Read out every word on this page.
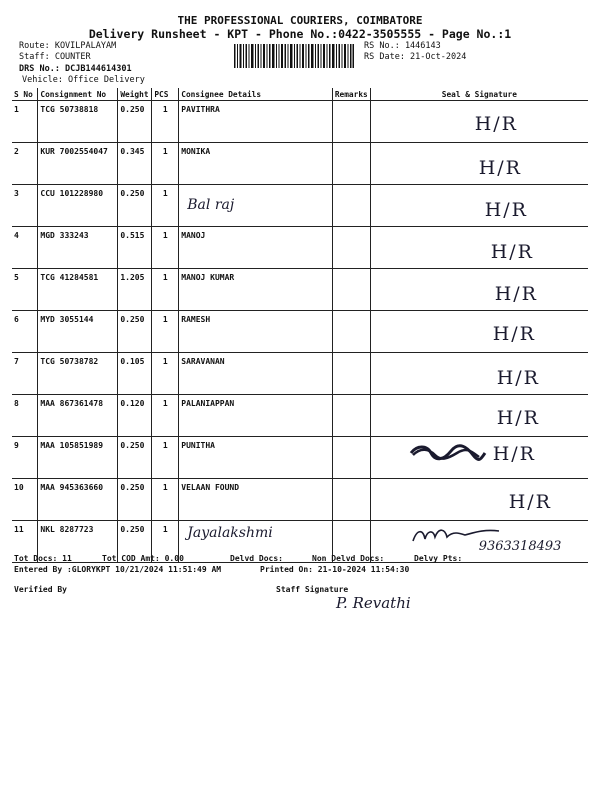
THE PROFESSIONAL COURIERS, COIMBATORE
Delivery Runsheet - KPT - Phone No.:0422-3505555 - Page No.:1
Route: KOVILPALAYAM
Staff: COUNTER
DRS No.: DCJB144614301
Vehicle: Office Delivery
RS No.: 1446143
RS Date: 21-Oct-2024
S No	Consignment No	Weight	PCS	Consignee Details	Remarks	Seal & Signature
1	TCG 50738818	0.250	1	PAVITHRA		H/R
2	KUR 7002554047	0.345	1	MONIKA		H/R
3	CCU 101228980	0.250	1	Bal raj		H/R
4	MGD 333243	0.515	1	MANOJ		H/R
5	TCG 41284581	1.205	1	MANOJ KUMAR		H/R
6	MYD 3055144	0.250	1	RAMESH		H/R
7	TCG 50738782	0.105	1	SARAVANAN		H/R
8	MAA 867361478	0.120	1	PALANIAPPAN		H/R
9	MAA 105851989	0.250	1	PUNITHA		H/R
10	MAA 945363660	0.250	1	VELAAN FOUND		H/R
11	NKL 8287723	0.250	1	Jayalakshmi		9363318493
Tot Docs: 11	Tot COD Amt: 0.00	Delvd Docs:	Non Delvd Docs:	Delvy Pts:
Entered By :GLORYKPT 10/21/2024 11:51:49 AM	Printed On: 21-10-2024 11:54:30
Verified By	Staff Signature
P. Revathi
